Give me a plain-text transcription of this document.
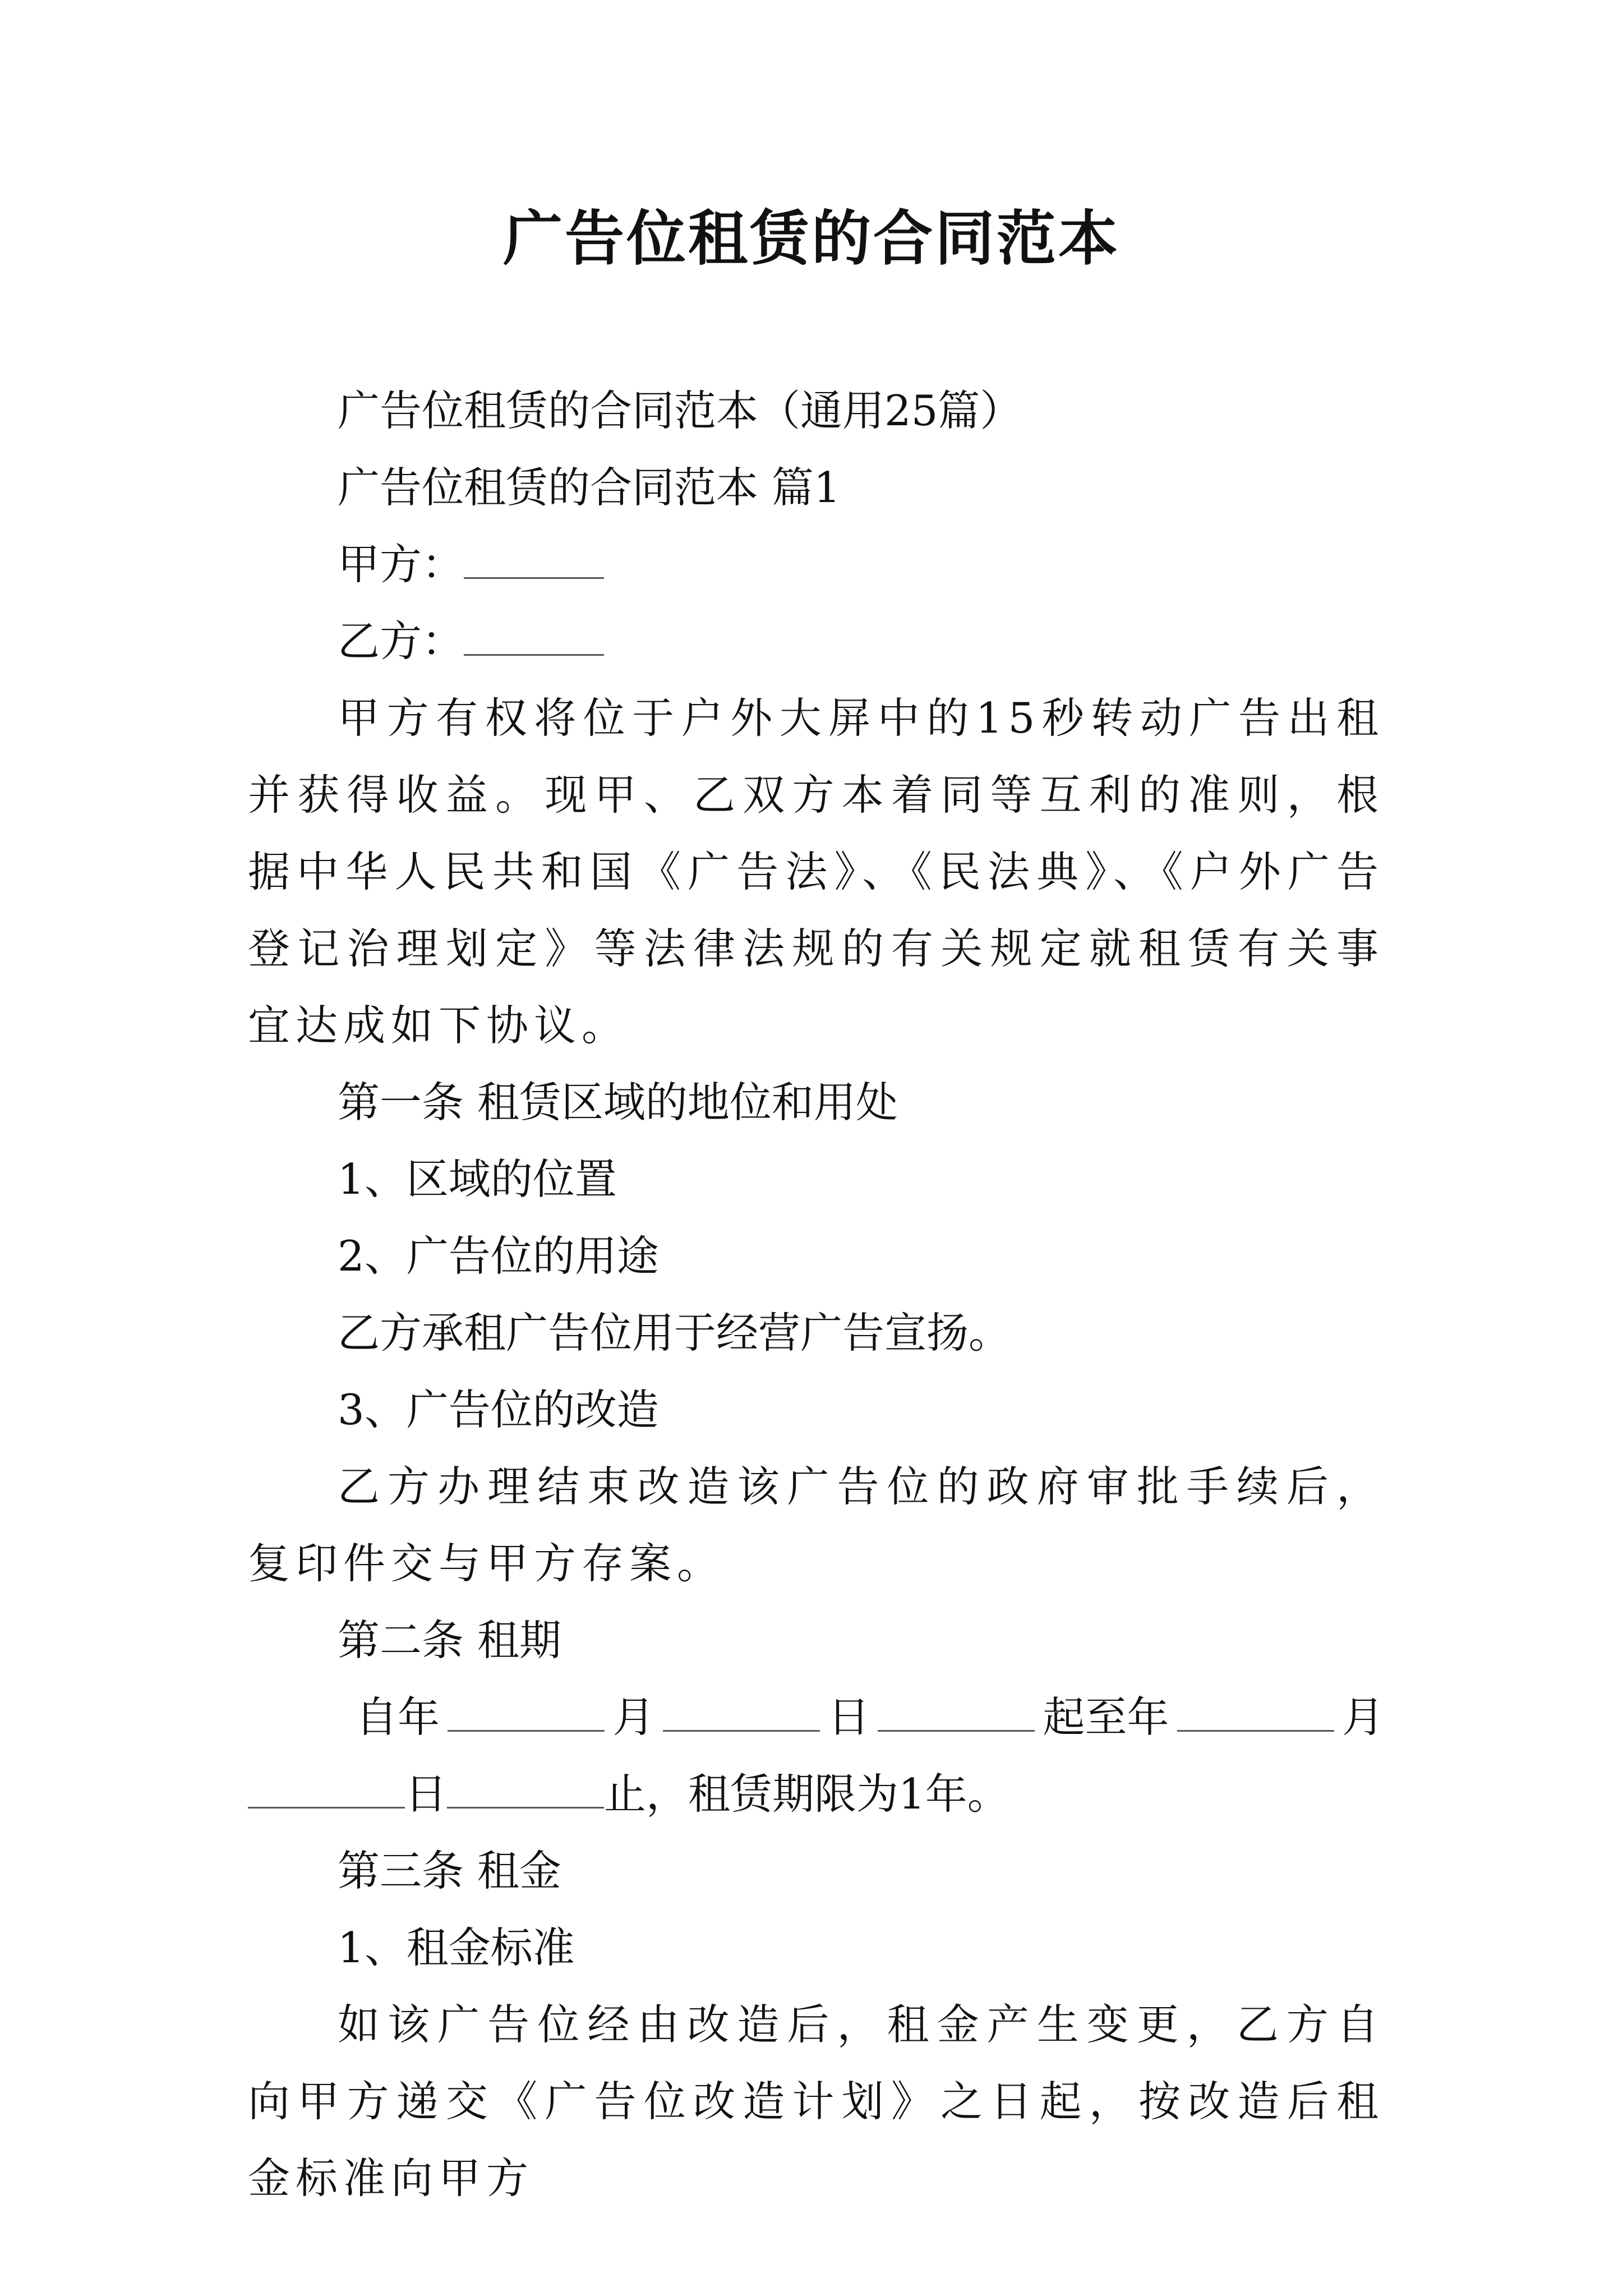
广告位租赁的合同范本

广告位租赁的合同范本（通用25篇）

广告位租赁的合同范本 篇1

甲方：

乙方：

甲方有权将位于户外大屏中的15秒转动广告出租并获得收益。现甲、乙双方本着同等互利的准则，根据中华人民共和国《广告法》、《民法典》、《户外广告登记治理划定》等法律法规的有关规定就租赁有关事宜达成如下协议。

第一条 租赁区域的地位和用处

1、区域的位置

2、广告位的用途

乙方承租广告位用于经营广告宣扬。

3、广告位的改造

乙方办理结束改造该广告位的政府审批手续后，复印件交与甲方存案。

第二条 租期

自年	月	日	起至年	月

日	止，租赁期限为1年。

第三条 租金

1、租金标准

如该广告位经由改造后，租金产生变更，乙方自向甲方递交《广告位改造计划》之日起，按改造后租金标准向甲方
